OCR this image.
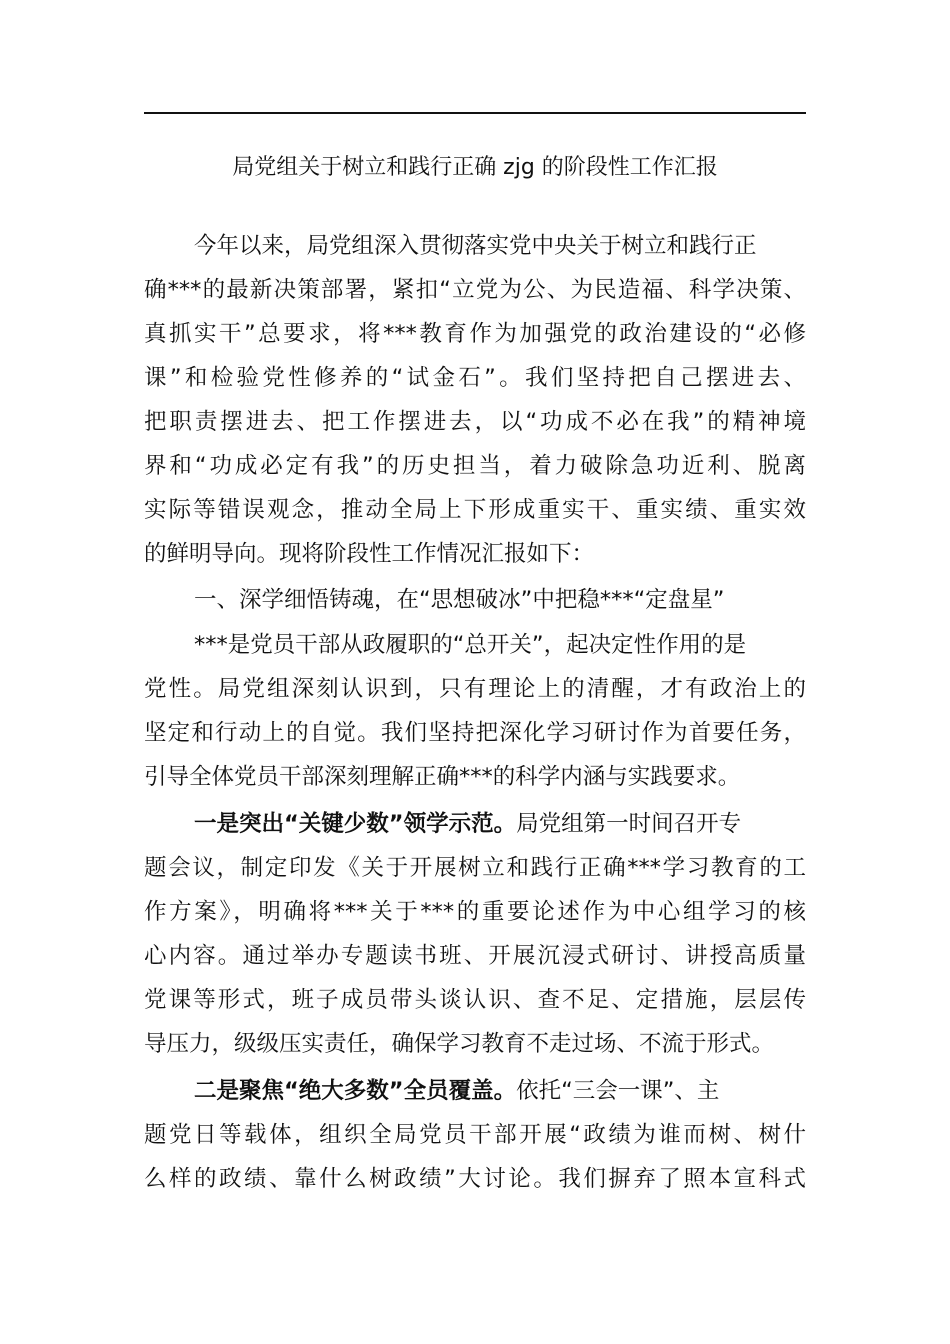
局党组关于树立和践行正确 zjg 的阶段性工作汇报
今年以来，局党组深入贯彻落实党中央关于树立和践行正
确***的最新决策部署，紧扣“立党为公、为民造福、科学决策、
真抓实干”总要求，将***教育作为加强党的政治建设的“必修
课”和检验党性修养的“试金石”。我们坚持把自己摆进去、
把职责摆进去、把工作摆进去，以“功成不必在我”的精神境
界和“功成必定有我”的历史担当，着力破除急功近利、脱离
实际等错误观念，推动全局上下形成重实干、重实绩、重实效
的鲜明导向。现将阶段性工作情况汇报如下：
一、深学细悟铸魂，在“思想破冰”中把稳***“定盘星”
***是党员干部从政履职的“总开关”，起决定性作用的是
党性。局党组深刻认识到，只有理论上的清醒，才有政治上的
坚定和行动上的自觉。我们坚持把深化学习研讨作为首要任务，
引导全体党员干部深刻理解正确***的科学内涵与实践要求。
一是突出“关键少数”领学示范。局党组第一时间召开专
题会议，制定印发《关于开展树立和践行正确***学习教育的工
作方案》，明确将***关于***的重要论述作为中心组学习的核
心内容。通过举办专题读书班、开展沉浸式研讨、讲授高质量
党课等形式，班子成员带头谈认识、查不足、定措施，层层传
导压力，级级压实责任，确保学习教育不走过场、不流于形式。
二是聚焦“绝大多数”全员覆盖。依托“三会一课”、主
题党日等载体，组织全局党员干部开展“政绩为谁而树、树什
么样的政绩、靠什么树政绩”大讨论。我们摒弃了照本宣科式
